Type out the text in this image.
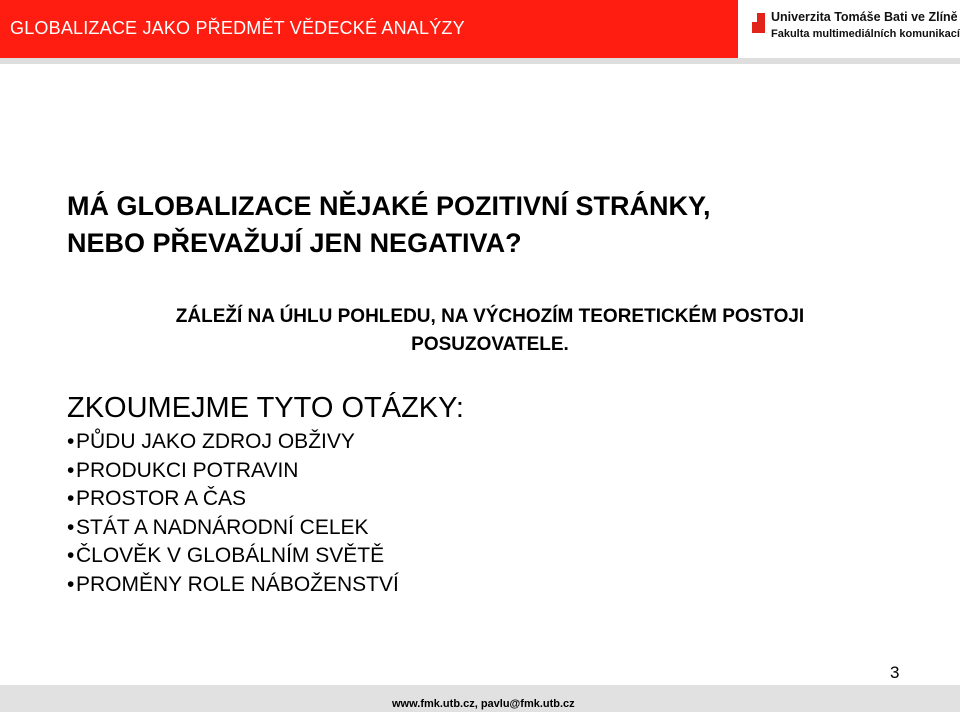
GLOBALIZACE JAKO PŘEDMĚT VĚDECKÉ ANALÝZY
Univerzita Tomáše Bati ve Zlíně
Fakulta multimediálních komunikací
MÁ GLOBALIZACE NĚJAKÉ POZITIVNÍ STRÁNKY,
NEBO PŘEVAŽUJÍ JEN NEGATIVA?
ZÁLEŽÍ NA ÚHLU POHLEDU, NA VÝCHOZÍM TEORETICKÉM POSTOJI
POSUZOVATELE.
ZKOUMEJME TYTO OTÁZKY:
•PŮDU JAKO ZDROJ OBŽIVY
•PRODUKCI POTRAVIN
•PROSTOR A ČAS
•STÁT A NADNÁRODNÍ CELEK
•ČLOVĚK V GLOBÁLNÍM SVĚTĚ
•PROMĚNY ROLE NÁBOŽENSTVÍ
3
www.fmk.utb.cz, pavlu@fmk.utb.cz
